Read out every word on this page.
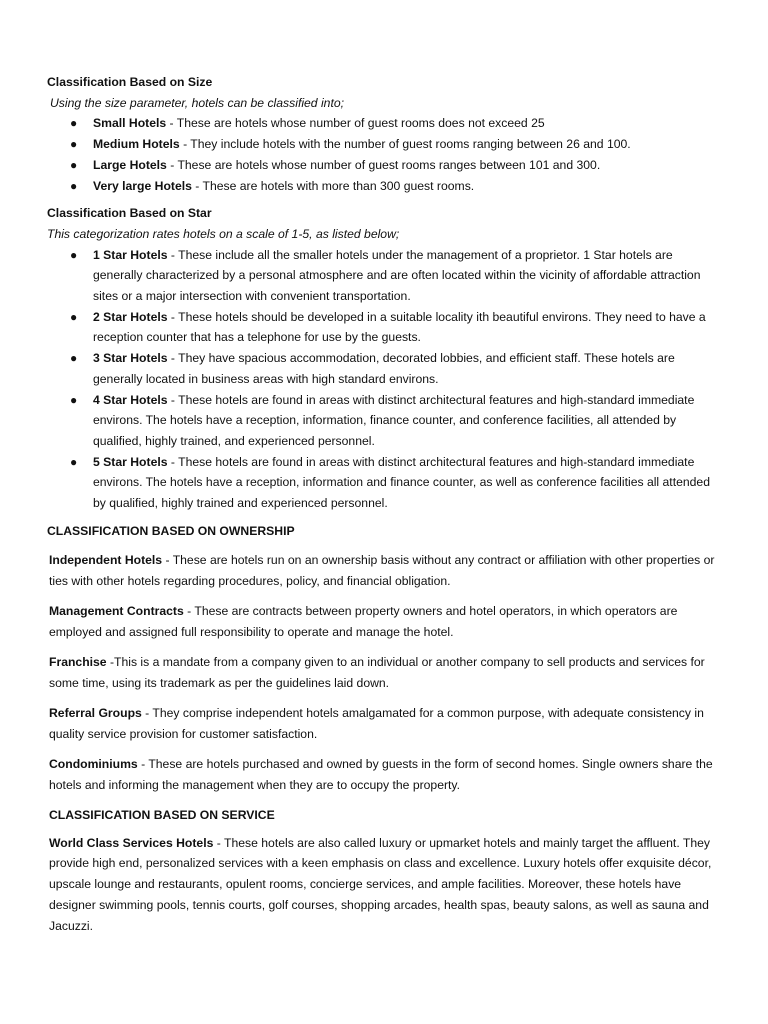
Classification Based on Size

Using the size parameter, hotels can be classified into;

● Small Hotels - These are hotels whose number of guest rooms does not exceed 25
● Medium Hotels - They include hotels with the number of guest rooms ranging between 26 and 100.
● Large Hotels - These are hotels whose number of guest rooms ranges between 101 and 300.
● Very large Hotels - These are hotels with more than 300 guest rooms.

Classification Based on Star

This categorization rates hotels on a scale of 1-5, as listed below;

● 1 Star Hotels - These include all the smaller hotels under the management of a proprietor. 1 Star hotels are generally characterized by a personal atmosphere and are often located within the vicinity of affordable attraction sites or a major intersection with convenient transportation.
● 2 Star Hotels - These hotels should be developed in a suitable locality ith beautiful environs. They need to have a reception counter that has a telephone for use by the guests.
● 3 Star Hotels - They have spacious accommodation, decorated lobbies, and efficient staff. These hotels are generally located in business areas with high standard environs.
● 4 Star Hotels - These hotels are found in areas with distinct architectural features and high-standard immediate environs. The hotels have a reception, information, finance counter, and conference facilities, all attended by qualified, highly trained, and experienced personnel.
● 5 Star Hotels - These hotels are found in areas with distinct architectural features and high-standard immediate environs. The hotels have a reception, information and finance counter, as well as conference facilities all attended by qualified, highly trained and experienced personnel.

CLASSIFICATION BASED ON OWNERSHIP

Independent Hotels - These are hotels run on an ownership basis without any contract or affiliation with other properties or ties with other hotels regarding procedures, policy, and financial obligation.

Management Contracts - These are contracts between property owners and hotel operators, in which operators are employed and assigned full responsibility to operate and manage the hotel.

Franchise -This is a mandate from a company given to an individual or another company to sell products and services for some time, using its trademark as per the guidelines laid down.

Referral Groups - They comprise independent hotels amalgamated for a common purpose, with adequate consistency in quality service provision for customer satisfaction.

Condominiums - These are hotels purchased and owned by guests in the form of second homes. Single owners share the hotels and informing the management when they are to occupy the property.

CLASSIFICATION BASED ON SERVICE

World Class Services Hotels - These hotels are also called luxury or upmarket hotels and mainly target the affluent. They provide high end, personalized services with a keen emphasis on class and excellence. Luxury hotels offer exquisite décor, upscale lounge and restaurants, opulent rooms, concierge services, and ample facilities. Moreover, these hotels have designer swimming pools, tennis courts, golf courses, shopping arcades, health spas, beauty salons, as well as sauna and Jacuzzi.
